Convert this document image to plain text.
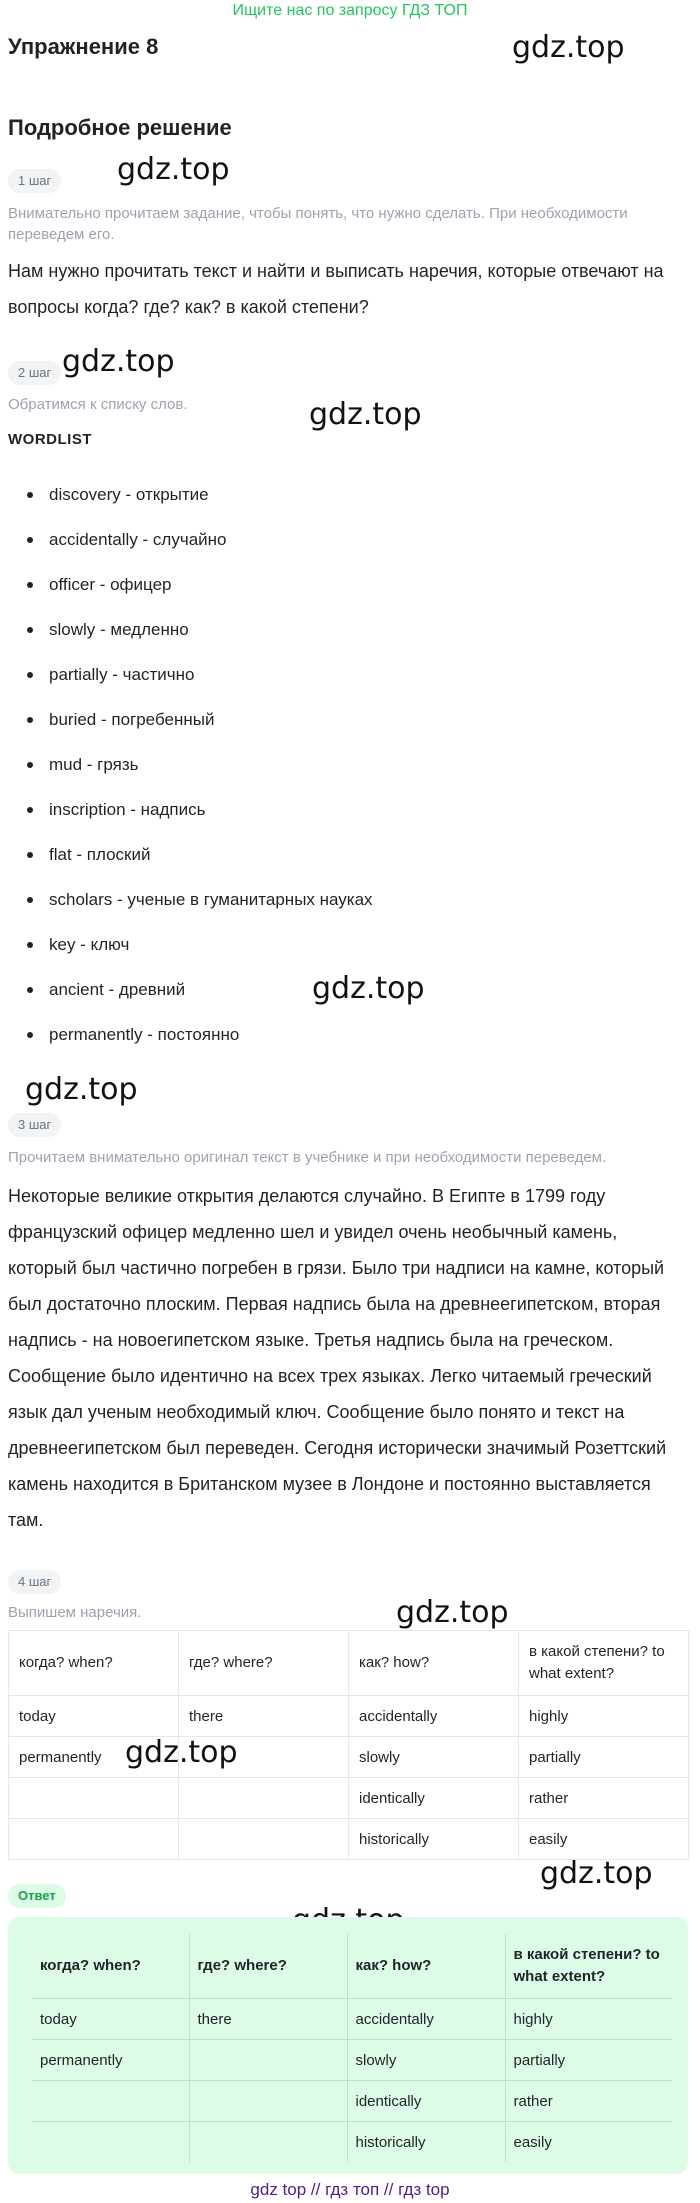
Ищите нас по запросу ГДЗ ТОП
Упражнение 8	gdz.top
Подробное решение
1 шаг	gdz.top
Внимательно прочитаем задание, чтобы понять, что нужно сделать. При необходимости переведем его.
Нам нужно прочитать текст и найти и выписать наречия, которые отвечают на вопросы когда? где? как? в какой степени?
2 шаг gdz.top
Обратимся к списку слов.	gdz.top
WORDLIST
discovery - открытие
accidentally - случайно
officer - офицер
slowly - медленно
partially - частично
buried - погребенный
mud - грязь
inscription - надпись
flat - плоский
scholars - ученые в гуманитарных науках
key - ключ
ancient - древний
permanently - постоянно
gdz.top
gdz.top
3 шаг
Прочитаем внимательно оригинал текст в учебнике и при необходимости переведем.
Некоторые великие открытия делаются случайно. В Египте в 1799 году французский офицер медленно шел и увидел очень необычный камень, который был частично погребен в грязи. Было три надписи на камне, который был достаточно плоским. Первая надпись была на древнеегипетском, вторая надпись - на новоегипетском языке. Третья надпись была на греческом. Сообщение было идентично на всех трех языках. Легко читаемый греческий язык дал ученым необходимый ключ. Сообщение было понято и текст на древнеегипетском был переведен. Сегодня исторически значимый Розеттский камень находится в Британском музее в Лондоне и постоянно выставляется там.
4 шаг
Выпишем наречия.	gdz.top
когда? when?	где? where?	как? how?	в какой степени? to what extent?
today	there	accidentally	highly
permanently		slowly	partially
		identically	rather
		historically	easily
gdz.top
gdz.top
Ответ
когда? when?	где? where?	как? how?	в какой степени? to what extent?
today	there	accidentally	highly
permanently		slowly	partially
		identically	rather
		historically	easily
gdz top // гдз топ // гдз top
